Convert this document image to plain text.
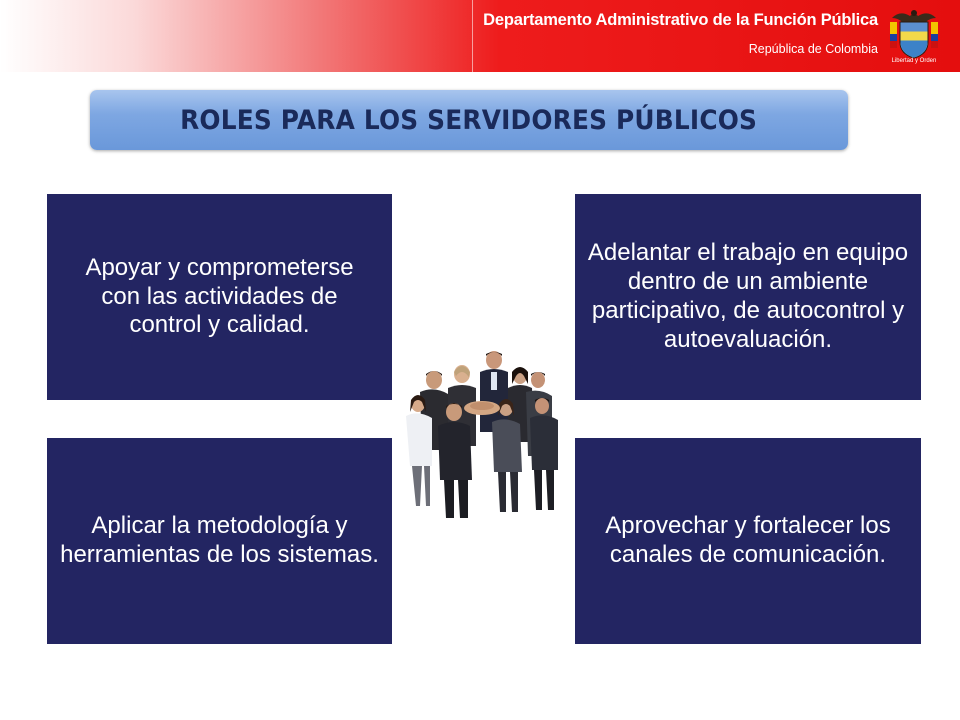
Departamento Administrativo de la Función Pública
República de Colombia
Libertad y Orden
ROLES PARA LOS SERVIDORES PÚBLICOS
Apoyar y comprometerse con las actividades de control y calidad.
Adelantar el trabajo en equipo dentro de un ambiente participativo, de autocontrol y autoevaluación.
Aplicar la metodología y herramientas de los sistemas.
Aprovechar y fortalecer los canales de comunicación.
